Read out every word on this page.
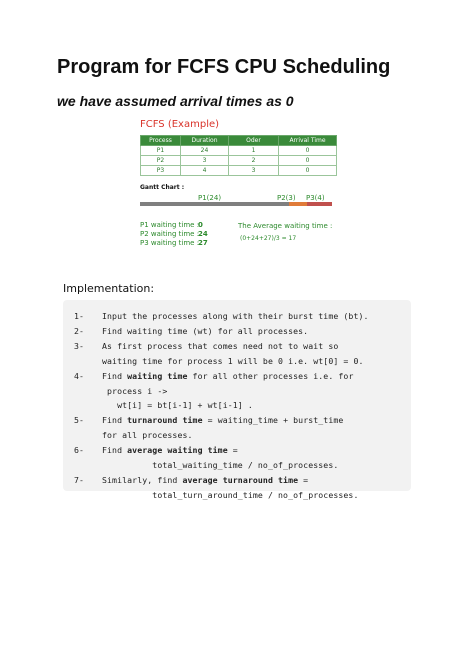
Program for FCFS CPU Scheduling
we have assumed arrival times as 0
FCFS (Example)
Process	Duration	Oder	Arrival Time
P1	24	1	0
P2	3	2	0
P3	4	3	0
Gantt Chart :
P1(24)	P2(3) P3(4)
P1 waiting time :
0
P2 waiting time :
24
P3 waiting time :
27
The Average waiting time :
(0+24+27)/3 = 17
Implementation:
1- Input the processes along with their burst time (bt).
2- Find waiting time (wt) for all processes.
3- As first process that comes need not to wait so
waiting time for process 1 will be 0 i.e. wt[0] = 0.
4- Find waiting time for all other processes i.e. for
process i ->
wt[i] = bt[i-1] + wt[i-1] .
5- Find turnaround time = waiting_time + burst_time
for all processes.
6- Find average waiting time =
total_waiting_time / no_of_processes.
7- Similarly, find average turnaround time =
total_turn_around_time / no_of_processes.
